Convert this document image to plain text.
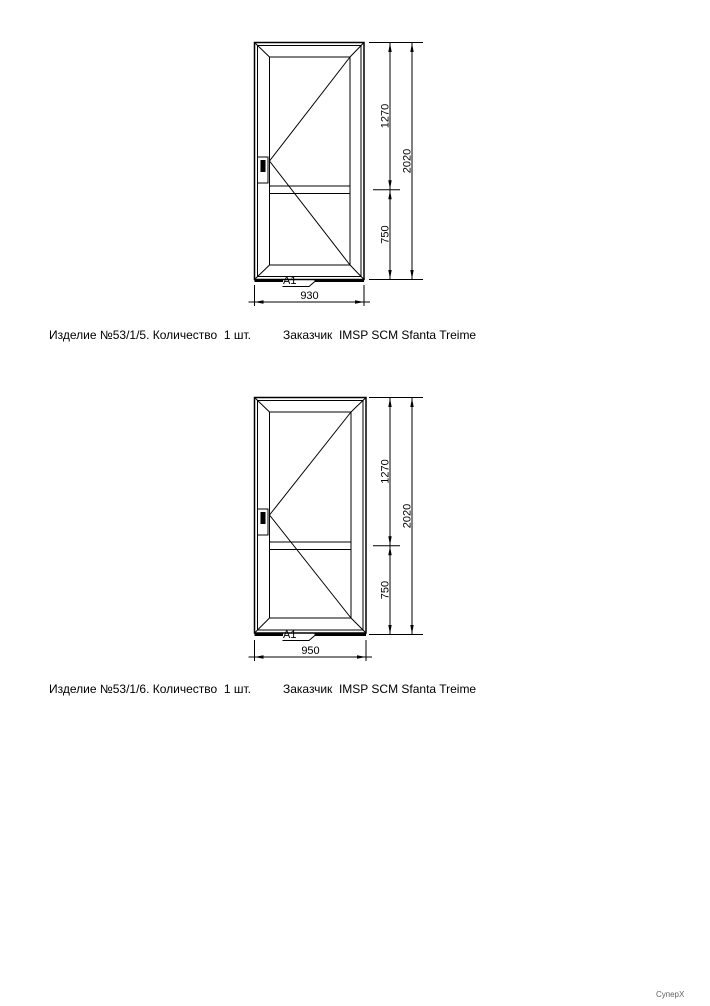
A1
1270
2020
750
930
Изделие №53/1/5. Количество  1 шт.	Заказчик  IMSP SCM Sfanta Treime
A1
1270
2020
750
950
Изделие №53/1/6. Количество  1 шт.	Заказчик  IMSP SCM Sfanta Treime
СуперХ
